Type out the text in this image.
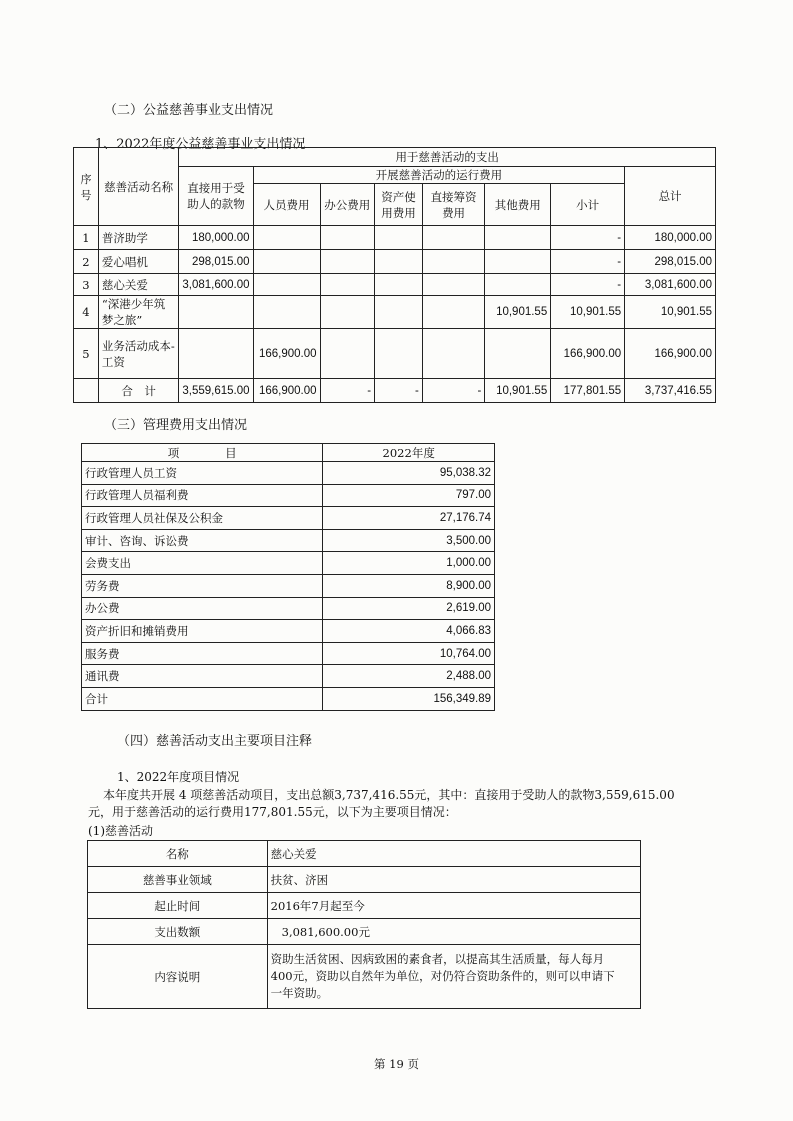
（二）公益慈善事业支出情况
1、2022年度公益慈善事业支出情况
序号	慈善活动名称	用于慈善活动的支出							
		直接用于受助人的款物	开展慈善活动的运行费用						总计
			人员费用	办公费用	资产使用费用	直接筹资费用	其他费用	小计	
1	普济助学	180,000.00						-	180,000.00
2	爱心唱机	298,015.00						-	298,015.00
3	慈心关爱	3,081,600.00						-	3,081,600.00
4	“深港少年筑梦之旅”						10,901.55	10,901.55	10,901.55
5	业务活动成本-工资		166,900.00					166,900.00	166,900.00
	合　计	3,559,615.00	166,900.00	-	-	-	10,901.55	177,801.55	3,737,416.55
（三）管理费用支出情况
项　　　　目	2022年度
行政管理人员工资	95,038.32
行政管理人员福利费	797.00
行政管理人员社保及公积金	27,176.74
审计、咨询、诉讼费	3,500.00
会费支出	1,000.00
劳务费	8,900.00
办公费	2,619.00
资产折旧和摊销费用	4,066.83
服务费	10,764.00
通讯费	2,488.00
合计	156,349.89
（四）慈善活动支出主要项目注释
1、2022年度项目情况
本年度共开展 4 项慈善活动项目，支出总额3,737,416.55元，其中：直接用于受助人的款物3,559,615.00
元，用于慈善活动的运行费用177,801.55元，以下为主要项目情况：
(1)慈善活动
名称	慈心关爱
慈善事业领域	扶贫、济困
起止时间	2016年7月起至今
支出数额	3,081,600.00元
内容说明	资助生活贫困、因病致困的素食者，以提高其生活质量，每人每月
400元，资助以自然年为单位，对仍符合资助条件的，则可以申请下
一年资助。
第 19 页
